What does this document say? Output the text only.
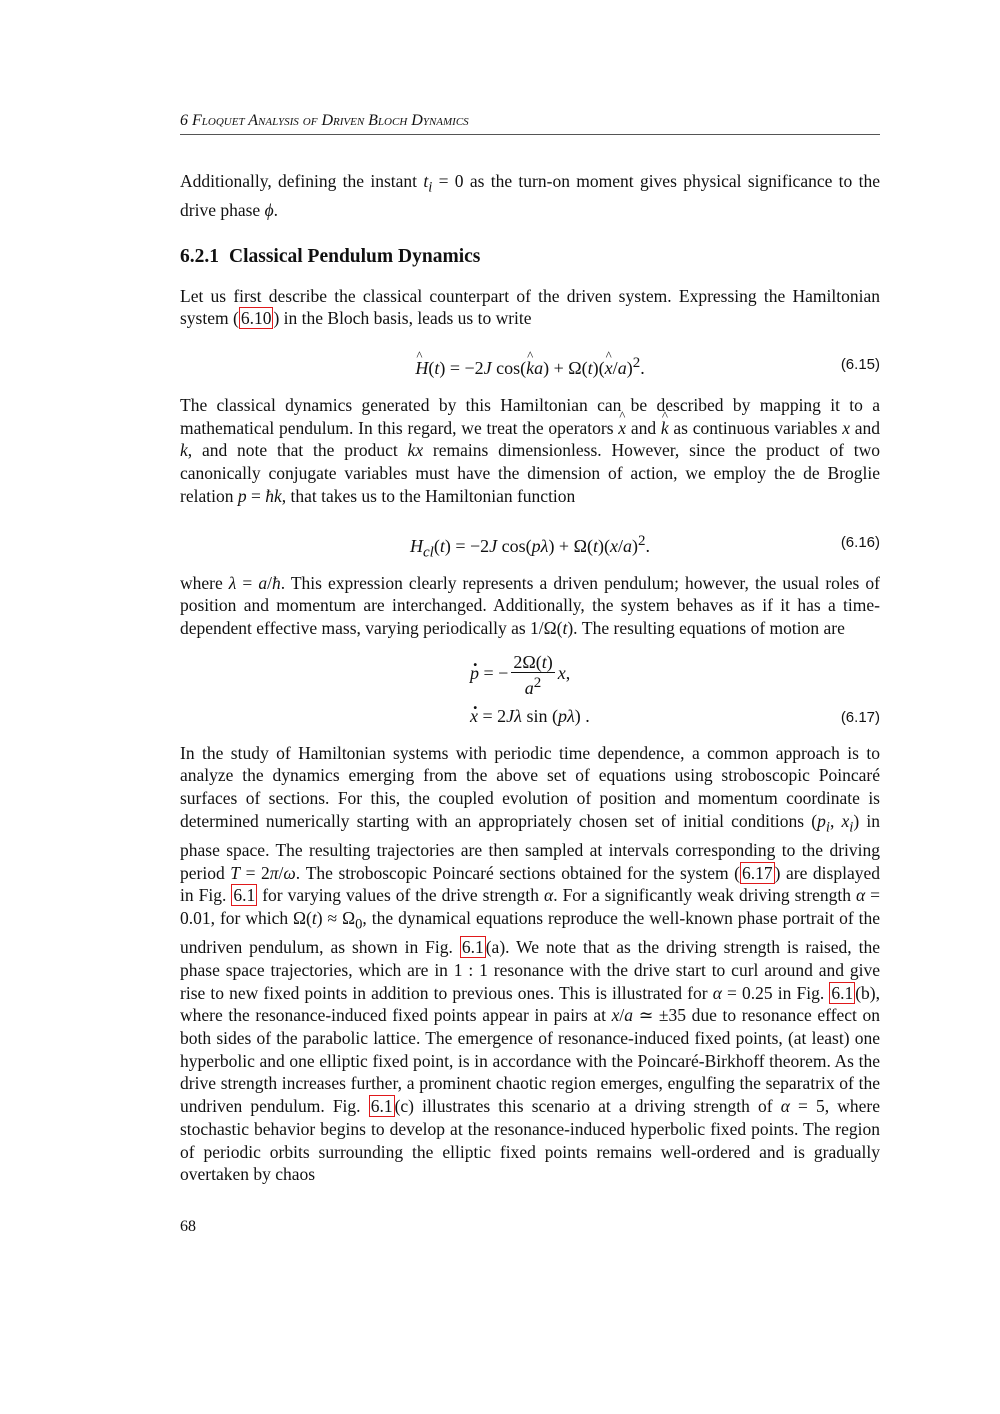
6 Floquet Analysis of Driven Bloch Dynamics

Additionally, defining the instant $t_i = 0$ as the turn-on moment gives physical significance to the drive phase ϕ.

6.2.1 Classical Pendulum Dynamics

Let us first describe the classical counterpart of the driven system. Expressing the Hamiltonian system ( 6.10 ) in the Bloch basis, leads us to write

^ H(t) = −2J cos(^ ka) + Ω(t)(^ x/a)$^2$.	(6.15)

The classical dynamics generated by this Hamiltonian can be described by mapping it to a mathematical pendulum. In this regard, we treat the operators ^ x and ^ k as continuous variables x and k, and note that the product kx remains dimensionless. However, since the product of two canonically conjugate variables must have the dimension of action, we employ the de Broglie relation p = ħk, that takes us to the Hamiltonian function

$H_{cl}(t) = -2J$ $\cos(p\lambda) + \Omega(t)(x/a)^2$.	(6.16)

where λ = a/ħ. This expression clearly represents a driven pendulum; however, the usual roles of position and momentum are interchanged. Additionally, the system behaves as if it has a time-dependent effective mass, varying periodically as 1/Ω(t). The resulting equations of motion are

. p = − $\frac{2\Omega(t)}{a^2} x$,
. x = 2Jλ sin (pλ) .	(6.17)

In the study of Hamiltonian systems with periodic time dependence, a common approach is to analyze the dynamics emerging from the above set of equations using stroboscopic Poincaré surfaces of sections. For this, the coupled evolution of position and momentum coordinate is determined numerically starting with an appropriately chosen set of initial conditions ($p_i$, $x_i$) in phase space. The resulting trajectories are then sampled at intervals corresponding to the driving period T = 2π/ω. The stroboscopic Poincaré sections obtained for the system ( 6.17 ) are displayed in Fig. 6.1 for varying values of the drive strength α. For a significantly weak driving strength α = 0.01, for which $\Omega(t) \approx \Omega_0$, the dynamical equations reproduce the well-known phase portrait of the undriven pendulum, as shown in Fig. 6.1 (a). We note that as the driving strength is raised, the phase space trajectories, which are in 1 : 1 resonance with the drive start to curl around and give rise to new fixed points in addition to previous ones. This is illustrated for α = 0.25 in Fig. 6.1 (b), where the resonance-induced fixed points appear in pairs at x/a ≃ ±35 due to resonance effect on both sides of the parabolic lattice. The emergence of resonance-induced fixed points, (at least) one hyperbolic and one elliptic fixed point, is in accordance with the Poincaré-Birkhoff theorem. As the drive strength increases further, a prominent chaotic region emerges, engulfing the separatrix of the undriven pendulum. Fig. 6.1 (c) illustrates this scenario at a driving strength of α = 5, where stochastic behavior begins to develop at the resonance-induced hyperbolic fixed points. The region of periodic orbits surrounding the elliptic fixed points remains well-ordered and is gradually overtaken by chaos

68
